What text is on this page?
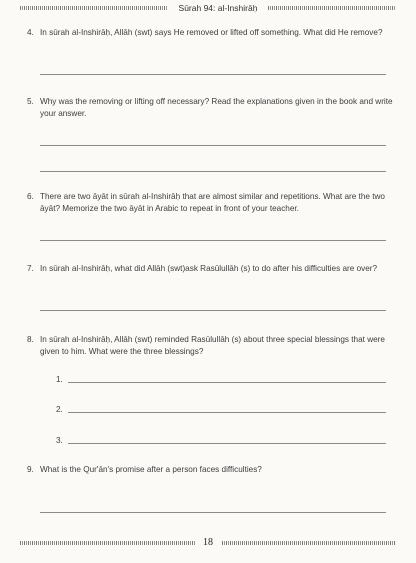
Sūrah 94: al-Inshirāḥ

4. In sūrah al-Inshirāḥ, Allāh (swt) says He removed or lifted off something. What did He remove?
5. Why was the removing or lifting off necessary? Read the explanations given in the book and write your answer.
6. There are two āyāt in sūrah al-Inshirāḥ that are almost similar and repetitions. What are the two āyāt? Memorize the two āyāt in Arabic to repeat in front of your teacher.
7. In sūrah al-Inshirāḥ, what did Allāh (swt)ask Rasūlullāh (s) to do after his difficulties are over?
8. In sūrah al-Inshirāḥ, Allāh (swt) reminded Rasūlullāh (s) about three special blessings that were given to him. What were the three blessings?
1.
2.
3.
9. What is the Qur'ān's promise after a person faces difficulties?
18
